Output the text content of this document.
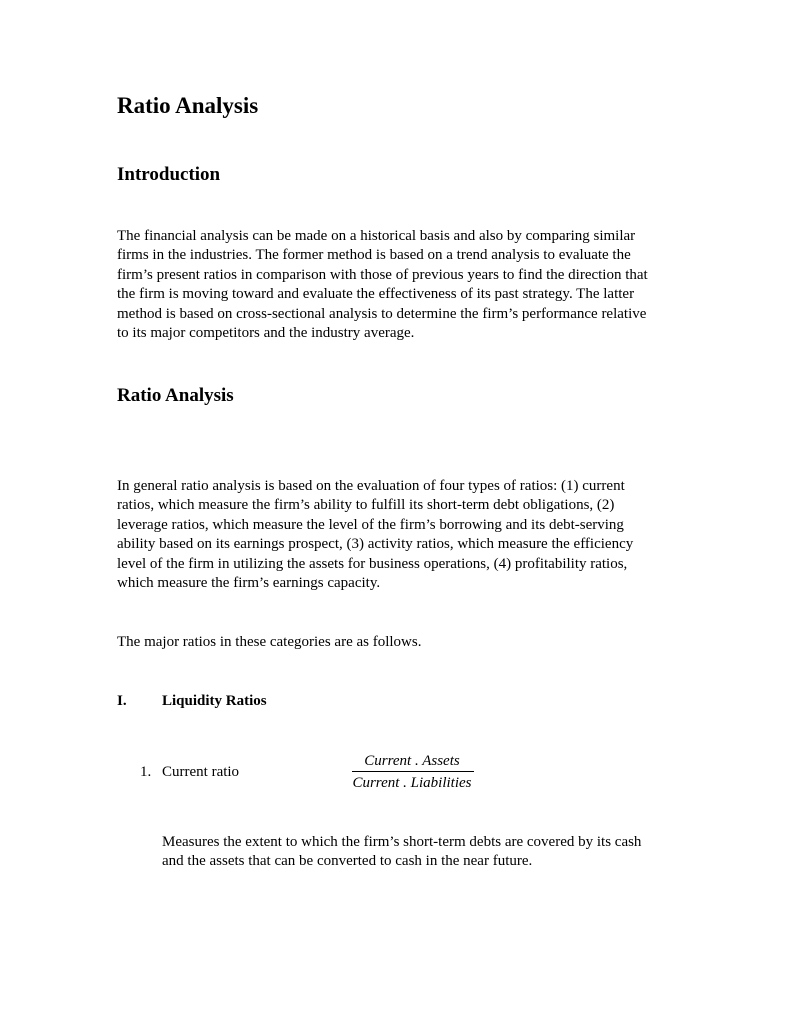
Ratio Analysis
Introduction
The financial analysis can be made on a historical basis and also by comparing similar
firms in the industries. The former method is based on a trend analysis to evaluate the
firm’s present ratios in comparison with those of previous years to find the direction that
the firm is moving toward and evaluate the effectiveness of its past strategy. The latter
method is based on cross-sectional analysis to determine the firm’s performance relative
to its major competitors and the industry average.
Ratio Analysis
In general ratio analysis is based on the evaluation of four types of ratios: (1) current
ratios, which measure the firm’s ability to fulfill its short-term debt obligations, (2)
leverage ratios, which measure the level of the firm’s borrowing and its debt-serving
ability based on its earnings prospect, (3) activity ratios, which measure the efficiency
level of the firm in utilizing the assets for business operations, (4) profitability ratios,
which measure the firm’s earnings capacity.
The major ratios in these categories are as follows.
I. Liquidity Ratios
1. Current ratio
Current . Assets
Current . Liabilities
Measures the extent to which the firm’s short-term debts are covered by its cash
and the assets that can be converted to cash in the near future.
